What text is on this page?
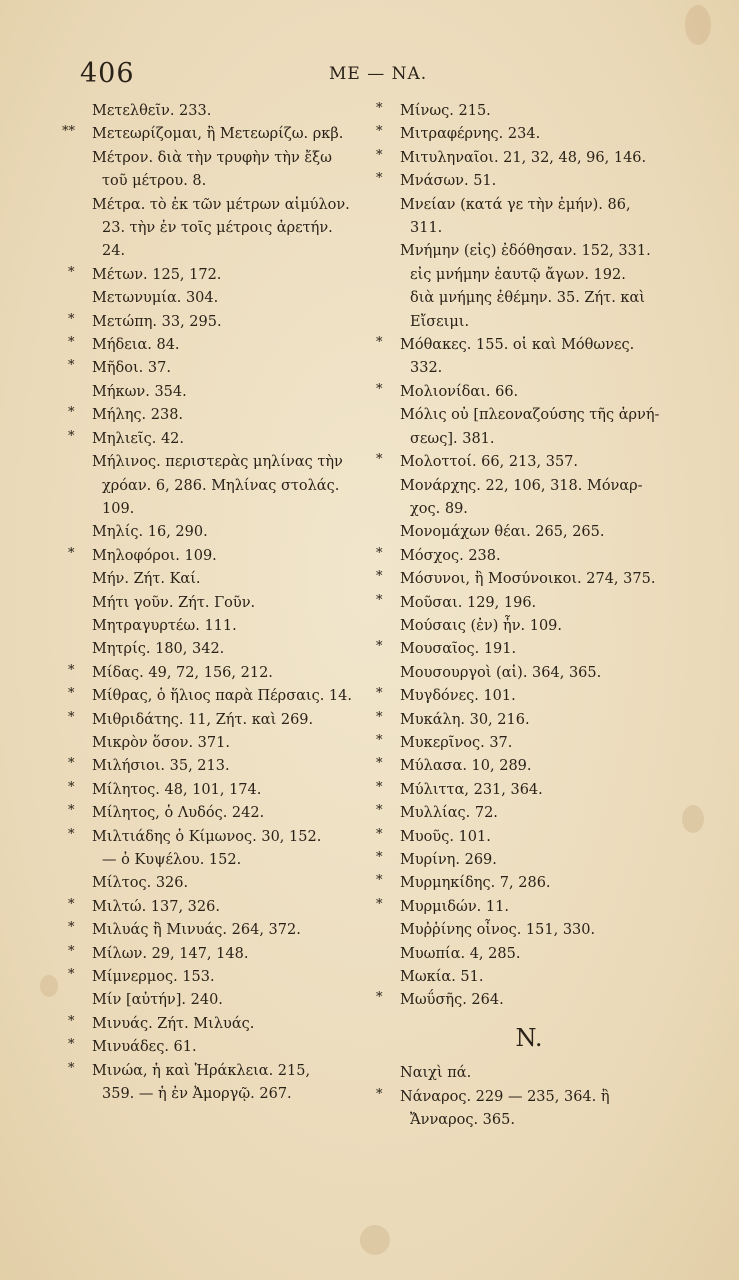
406	ME — NA.
Μετελθεῖν. 233.
**	Μετεωρίζομαι, ἢ Μετεωρίζω. ρκβ.
Μέτρον. διὰ τὴν τρυφὴν τὴν ἔξω
τοῦ μέτρου. 8.
Μέτρα. τὸ ἐκ τῶν μέτρων αἱμύλον.
23. τὴν ἐν τοῖς μέτροις ἀρετήν.
24.
*	Μέτων. 125, 172.
Μετωνυμία. 304.
*	Μετώπη. 33, 295.
*	Μήδεια. 84.
*	Μῆδοι. 37.
Μήκων. 354.
*	Μήλης. 238.
*	Μηλιεῖς. 42.
Μήλινος. περιστερὰς μηλίνας τὴν
χρόαν. 6, 286. Μηλίνας στολάς.
109.
Μηλίς. 16, 290.
*	Μηλοφόροι. 109.
Μήν. Ζήτ. Καί.
Μήτι γοῦν. Ζήτ. Γοῦν.
Μητραγυρτέω. 111.
Μητρίς. 180, 342.
*	Μίδας. 49, 72, 156, 212.
*	Μίθρας, ὁ ἥλιος παρὰ Πέρσαις. 14.
*	Μιθριδάτης. 11, Ζήτ. καὶ 269.
Μικρὸν ὅσον. 371.
*	Μιλήσιοι. 35, 213.
*	Μίλητος. 48, 101, 174.
*	Μίλητος, ὁ Λυδός. 242.
*	Μιλτιάδης ὁ Κίμωνος. 30, 152.
— ὁ Κυψέλου. 152.
Μίλτος. 326.
*	Μιλτώ. 137, 326.
*	Μιλυάς ἢ Μινυάς. 264, 372.
*	Μίλων. 29, 147, 148.
*	Μίμνερμος. 153.
Μίν [αὐτήν]. 240.
*	Μινυάς. Ζήτ. Μιλυάς.
*	Μινυάδες. 61.
*	Μινώα, ἡ καὶ Ἡράκλεια. 215,
359. — ἡ ἐν Ἀμοργῷ. 267.
*	Μίνως. 215.
*	Μιτραφέρνης. 234.
*	Μιτυληναῖοι. 21, 32, 48, 96, 146.
*	Μνάσων. 51.
Μνείαν (κατά γε τὴν ἐμήν). 86,
311.
Μνήμην (εἰς) ἐδόθησαν. 152, 331.
εἰς μνήμην ἑαυτῷ ἄγων. 192.
διὰ μνήμης ἐθέμην. 35. Ζήτ. καὶ
Εἴσειμι.
*	Μόθακες. 155. οἱ καὶ Μόθωνες.
332.
*	Μολιονίδαι. 66.
Μόλις οὐ [πλεοναζούσης τῆς ἀρνή-
σεως]. 381.
*	Μολοττοί. 66, 213, 357.
Μονάρχης. 22, 106, 318. Μόναρ-
χος. 89.
Μονομάχων θέαι. 265, 265.
*	Μόσχος. 238.
*	Μόσυνοι, ἢ Μοσύνοικοι. 274, 375.
*	Μοῦσαι. 129, 196.
Μούσαις (ἐν) ἦν. 109.
*	Μουσαῖος. 191.
Μουσουργοὶ (αἱ). 364, 365.
*	Μυγδόνες. 101.
*	Μυκάλη. 30, 216.
*	Μυκερῖνος. 37.
*	Μύλασα. 10, 289.
*	Μύλιττα, 231, 364.
*	Μυλλίας. 72.
*	Μυοῦς. 101.
*	Μυρίνη. 269.
*	Μυρμηκίδης. 7, 286.
*	Μυρμιδών. 11.
Μυῤῥίνης οἶνος. 151, 330.
Μυωπία. 4, 285.
Μωκία. 51.
*	Μωΰσῆς. 264.
N.
Ναιχὶ πά.
*	Νάναρος. 229 — 235, 364. ἢ
Ἄνναρος. 365.
